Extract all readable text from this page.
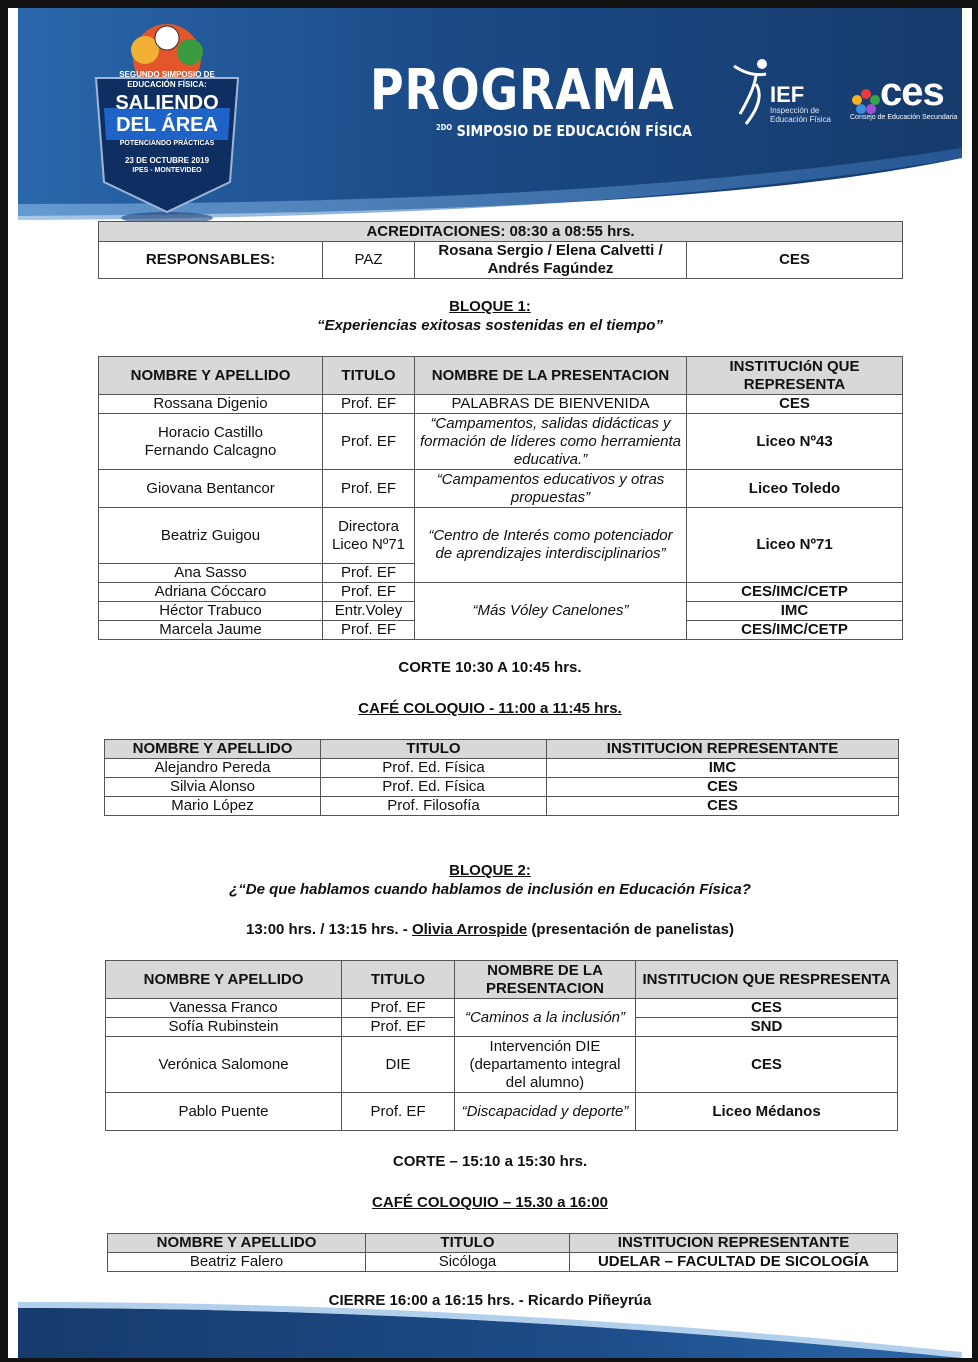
SEGUNDO SIMPOSIO DE
EDUCACIÓN FÍSICA:
SALIENDO
DEL ÁREA
POTENCIANDO PRÁCTICAS
23 DE OCTUBRE 2019
IPES - MONTEVIDEO
PROGRAMA
$^{2DO}$ SIMPOSIO DE EDUCACIÓN FÍSICA
IEF
Inspección de
Educación Física
ces
Consejo de Educación Secundaria
ACREDITACIONES: 08:30 a 08:55 hrs.
RESPONSABLES:	PAZ	Rosana Sergio / Elena Calvetti / Andrés Fagúndez	CES
BLOQUE 1:
“Experiencias exitosas sostenidas en el tiempo”
NOMBRE Y APELLIDO	TITULO	NOMBRE DE LA PRESENTACION	INSTITUCIóN QUE REPRESENTA
Rossana Digenio	Prof. EF	PALABRAS DE BIENVENIDA	CES
Horacio Castillo
Fernando Calcagno	Prof. EF	“Campamentos, salidas didácticas y formación de líderes como herramienta educativa.”	Liceo Nº43
Giovana Bentancor	Prof. EF	“Campamentos educativos y otras propuestas”	Liceo Toledo
Beatriz Guigou	Directora Liceo Nº71	“Centro de Interés como potenciador de aprendizajes interdisciplinarios”	Liceo Nº71
Ana Sasso	Prof. EF		
Adriana Cóccaro	Prof. EF	“Más Vóley Canelones”	CES/IMC/CETP
Héctor Trabuco	Entr.Voley		IMC
Marcela Jaume	Prof. EF		CES/IMC/CETP
CORTE 10:30 A 10:45 hrs.
CAFÉ COLOQUIO - 11:00 a 11:45 hrs.
NOMBRE Y APELLIDO	TITULO	INSTITUCION REPRESENTANTE
Alejandro Pereda	Prof. Ed. Física	IMC
Silvia Alonso	Prof. Ed. Física	CES
Mario López	Prof. Filosofía	CES
BLOQUE 2:
¿“De que hablamos cuando hablamos de inclusión en Educación Física?
13:00 hrs. / 13:15 hrs. - Olivia Arrospide (presentación de panelistas)
NOMBRE Y APELLIDO	TITULO	NOMBRE DE LA PRESENTACION	INSTITUCION QUE RESPRESENTA
Vanessa Franco	Prof. EF	“Caminos a la inclusión”	CES
Sofía Rubinstein	Prof. EF		SND
Verónica Salomone	DIE	Intervención DIE (departamento integral del alumno)	CES
Pablo Puente	Prof. EF	“Discapacidad y deporte”	Liceo Médanos
CORTE – 15:10 a 15:30 hrs.
CAFÉ COLOQUIO – 15.30 a 16:00
NOMBRE Y APELLIDO	TITULO	INSTITUCION REPRESENTANTE
Beatriz Falero	Sicóloga	UDELAR – FACULTAD DE SICOLOGÍA
CIERRE 16:00 a 16:15 hrs. - Ricardo Piñeyrúa
